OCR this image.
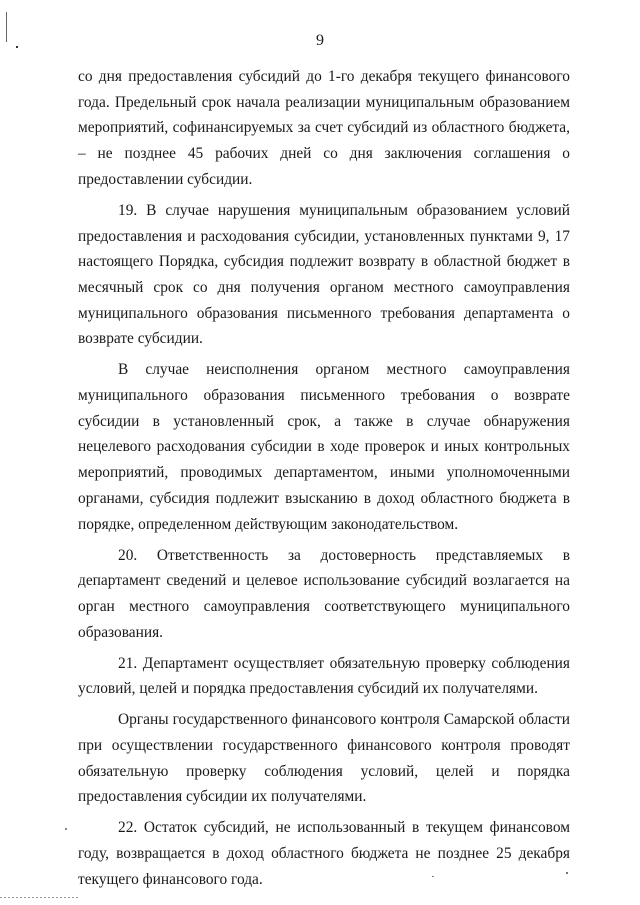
9

со дня предоставления субсидий до 1-го декабря текущего финансового года. Предельный срок начала реализации муниципальным образованием мероприятий, софинансируемых за счет субсидий из областного бюджета, – не позднее 45 рабочих дней со дня заключения соглашения о предоставлении субсидии.

19. В случае нарушения муниципальным образованием условий предоставления и расходования субсидии, установленных пунктами 9, 17 настоящего Порядка, субсидия подлежит возврату в областной бюджет в месячный срок со дня получения органом местного самоуправления муниципального образования письменного требования департамента о возврате субсидии.

В случае неисполнения органом местного самоуправления муниципального образования письменного требования о возврате субсидии в установленный срок, а также в случае обнаружения нецелевого расходования субсидии в ходе проверок и иных контрольных мероприятий, проводимых департаментом, иными уполномоченными органами, субсидия подлежит взысканию в доход областного бюджета в порядке, определенном действующим законодательством.

20. Ответственность за достоверность представляемых в департамент сведений и целевое использование субсидий возлагается на орган местного самоуправления соответствующего муниципального образования.

21. Департамент осуществляет обязательную проверку соблюдения условий, целей и порядка предоставления субсидий их получателями.

Органы государственного финансового контроля Самарской области при осуществлении государственного финансового контроля проводят обязательную проверку соблюдения условий, целей и порядка предоставления субсидии их получателями.

22. Остаток субсидий, не использованный в текущем финансовом году, возвращается в доход областного бюджета не позднее 25 декабря текущего финансового года.
